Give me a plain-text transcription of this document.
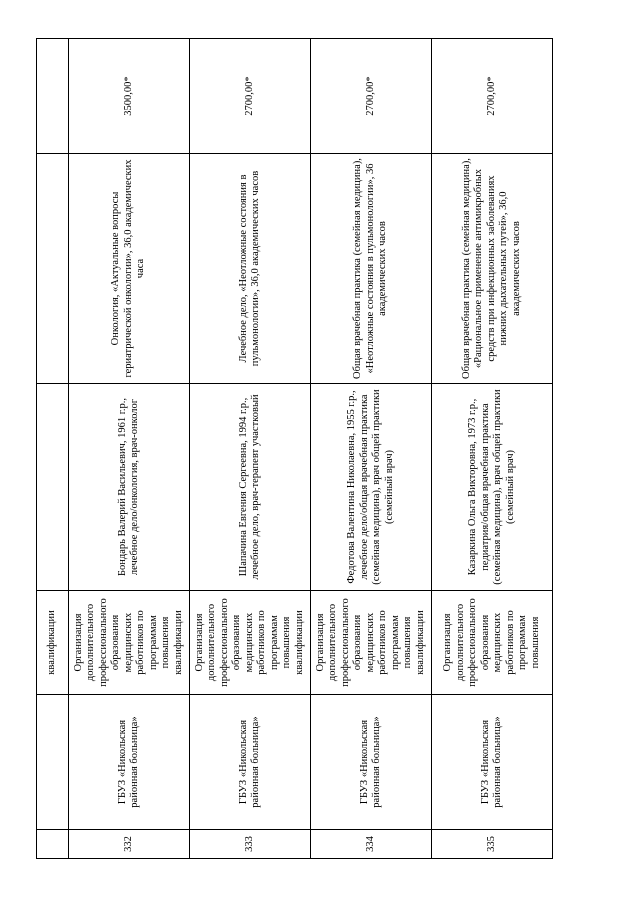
		квалификации			
332	ГБУЗ «Никольская районная больница»	Организация дополнительного профессионального образования медицинских работников по программам повышения квалификации	Бондарь Валерий Васильевич, 1961 г.р., лечебное дело/онкология, врач-онколог	Онкология, «Актуальные вопросы гериатрической онкологии», 36,0 академических часа	3500,00*
333	ГБУЗ «Никольская районная больница»	Организация дополнительного профессионального образования медицинских работников по программам повышения квалификации	Шапачина Евгения Сергеевна, 1994 г.р., лечебное дело, врач-терапевт участковый	Лечебное дело, «Неотложные состояния в пульмонологии», 36,0 академических часов	2700,00*
334	ГБУЗ «Никольская районная больница»	Организация дополнительного профессионального образования медицинских работников по программам повышения квалификации	Федотова Валентина Николаевна, 1955 г.р., лечебное дело/общая врачебная практика (семейная медицина), врач общей практики (семейный врач)	Общая врачебная практика (семейная медицина), «Неотложные состояния в пульмонологии», 36 академических часов	2700,00*
335	ГБУЗ «Никольская районная больница»	Организация дополнительного профессионального образования медицинских работников по программам повышения	Казаркина Ольга Викторовна, 1973 г.р., педиатрия/общая врачебная практика (семейная медицина), врач общей практики (семейный врач)	Общая врачебная практика (семейная медицина), «Рациональное применение антимикробных средств при инфекционных заболеваниях нижних дыхательных путей», 36,0 академических часов	2700,00*
